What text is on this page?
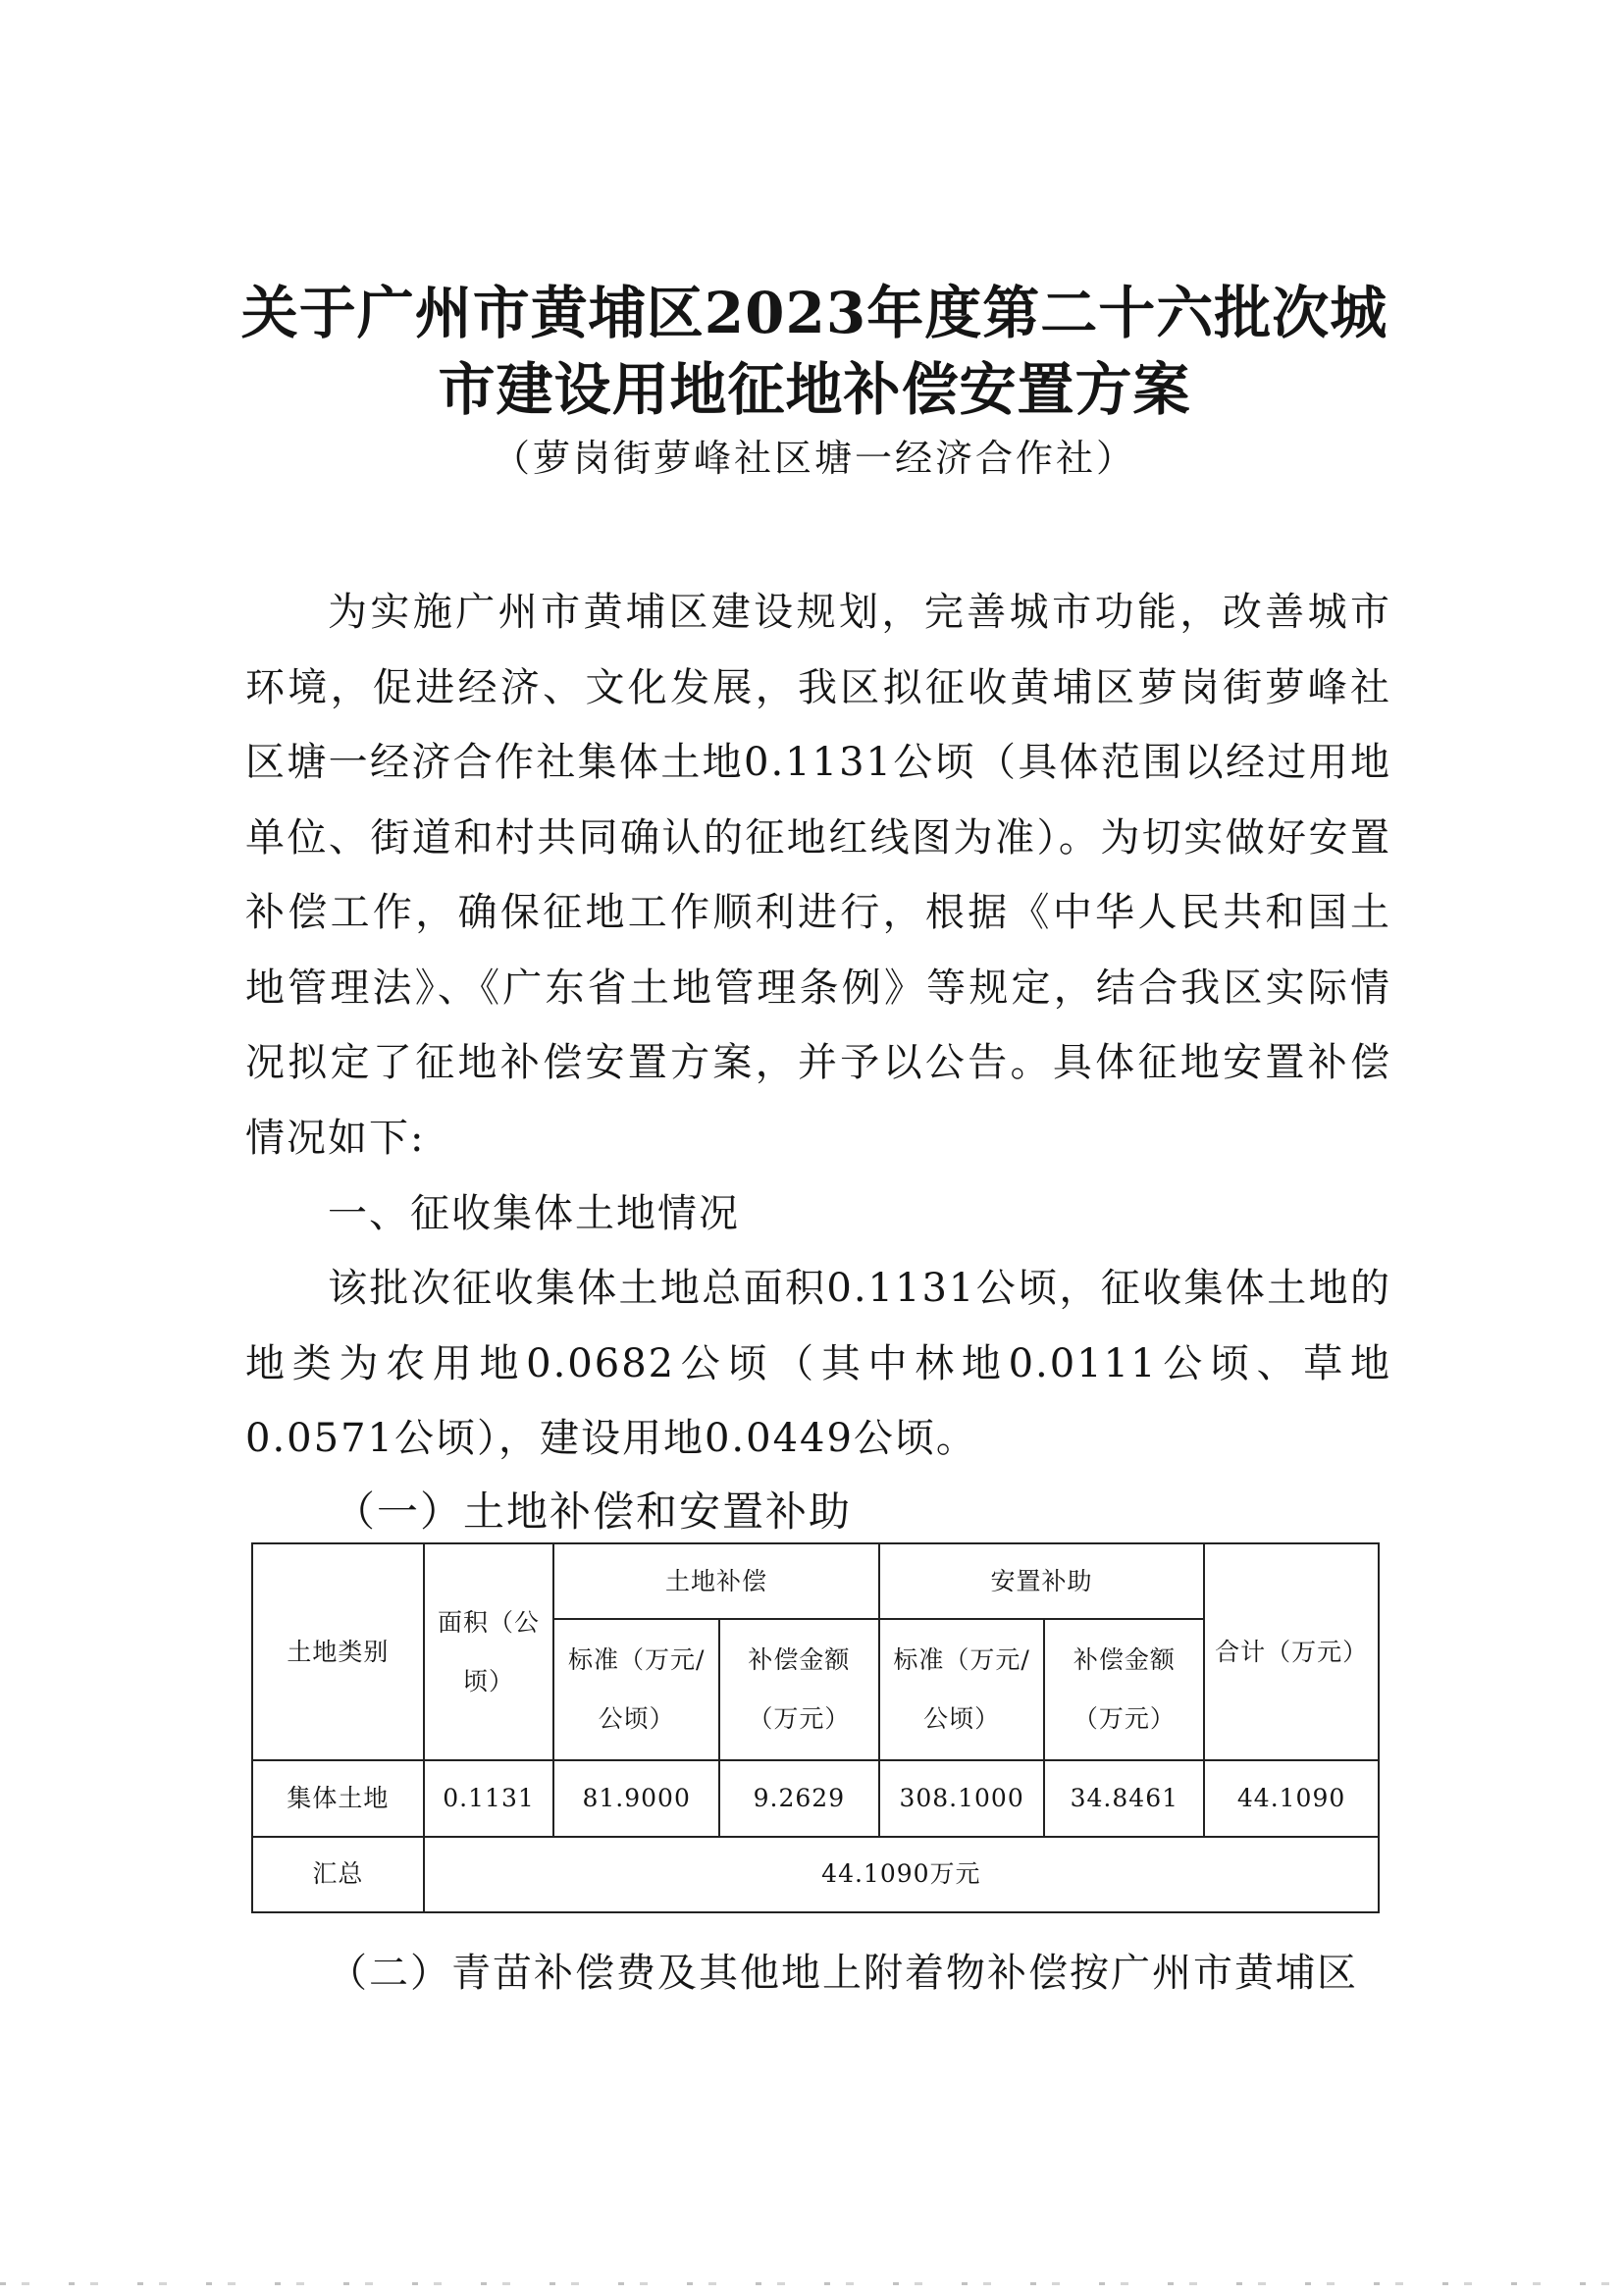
关于广州市黄埔区2023年度第二十六批次城
市建设用地征地补偿安置方案

（萝岗街萝峰社区塘一经济合作社）

为实施广州市黄埔区建设规划，完善城市功能，改善城市环境，促进经济、文化发展，我区拟征收黄埔区萝岗街萝峰社区塘一经济合作社集体土地0.1131公顷（具体范围以经过用地单位、街道和村共同确认的征地红线图为准）。为切实做好安置补偿工作，确保征地工作顺利进行，根据《中华人民共和国土地管理法》、《广东省土地管理条例》等规定，结合我区实际情况拟定了征地补偿安置方案，并予以公告。具体征地安置补偿情况如下:

一、征收集体土地情况

该批次征收集体土地总面积0.1131公顷，征收集体土地的地类为农用地0.0682公顷（其中林地0.0111公顷、草地0.0571公顷），建设用地0.0449公顷。

（一）土地补偿和安置补助

土地类别	面积（公顷）	土地补偿		安置补助		合计（万元）
		标准（万元/公顷）	补偿金额（万元）	标准（万元/公顷）	补偿金额（万元）	
集体土地	0.1131	81.9000	9.2629	308.1000	34.8461	44.1090
汇总	44.1090万元					

（二）青苗补偿费及其他地上附着物补偿按广州市黄埔区
